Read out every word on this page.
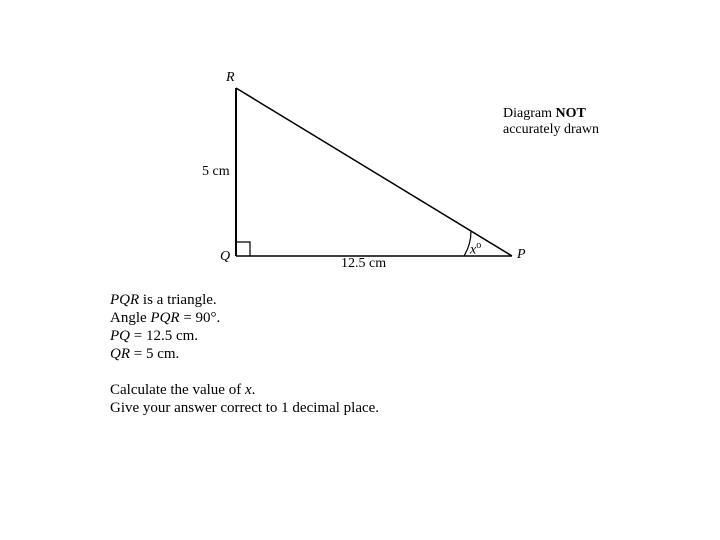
R
Q	P
5 cm
12.5 cm
$x^o$
Diagram NOT
accurately drawn

PQR is a triangle.

Angle PQR = 90°.

PQ = 12.5 cm.

QR = 5 cm.

Calculate the value of x.

Give your answer correct to 1 decimal place.
